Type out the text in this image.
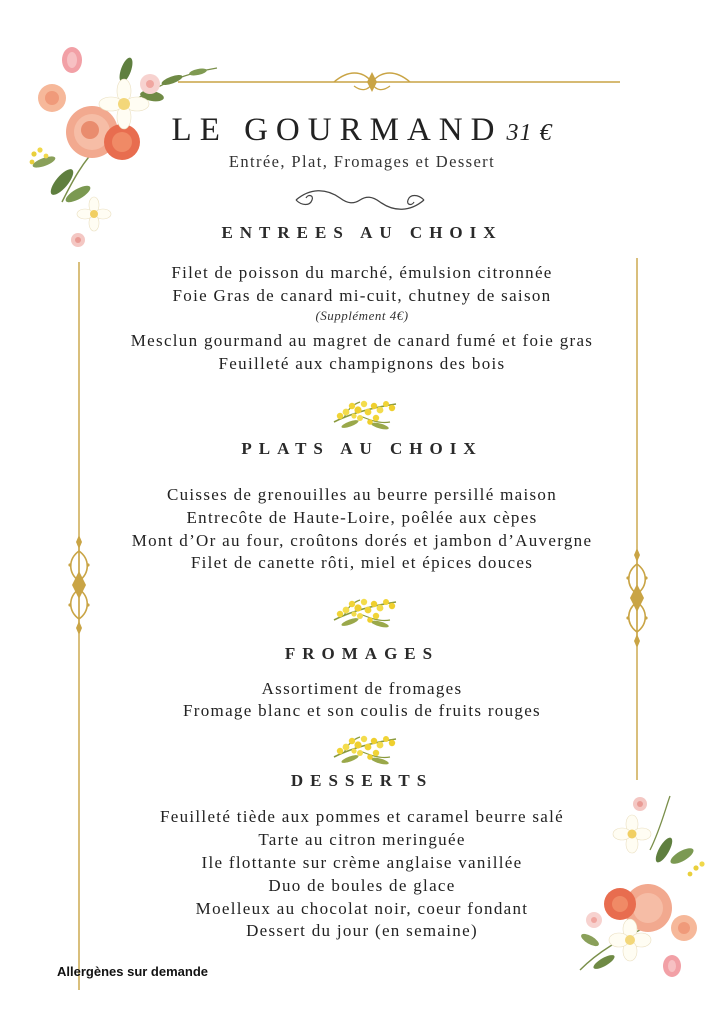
LE GOURMAND 31 €
Entrée, Plat, Fromages et Dessert
ENTREES AU CHOIX
Filet de poisson du marché, émulsion citronnée
Foie Gras de canard mi-cuit, chutney de saison
(Supplément 4€)
Mesclun gourmand au magret de canard fumé et foie gras
Feuilleté aux champignons des bois
PLATS AU CHOIX
Cuisses de grenouilles au beurre persillé maison
Entrecôte de Haute-Loire, poêlée aux cèpes
Mont d’Or au four, croûtons dorés et jambon d’Auvergne
Filet de canette rôti, miel et épices douces
FROMAGES
Assortiment de fromages
Fromage blanc et son coulis de fruits rouges
DESSERTS
Feuilleté tiède aux pommes et caramel beurre salé
Tarte au citron meringuée
Ile flottante sur crème anglaise vanillée
Duo de boules de glace
Moelleux au chocolat noir, coeur fondant
Dessert du jour (en semaine)
Allergènes sur demande
